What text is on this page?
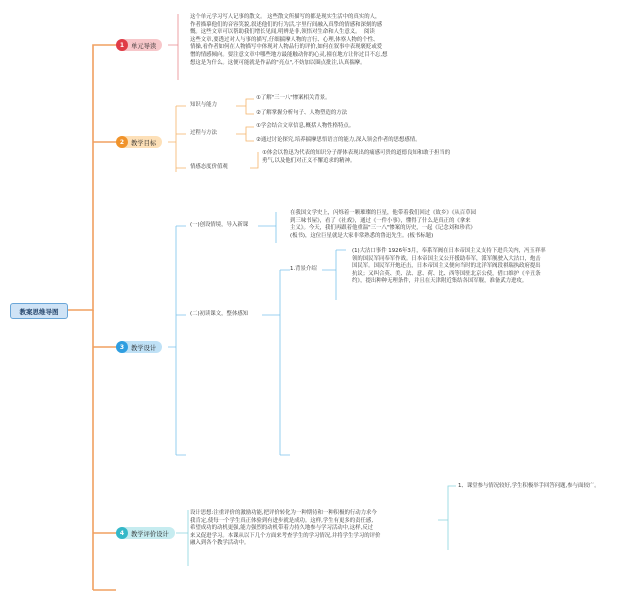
教案思维导图
1	单元导读
这个单元学习写人记事的散文。 这些散文所描写的都是现实生活中的真实的人，
作者描摹他们的音容笑貌,叙述他们的行为活,字里行间融入真挚的情感和深刻的感
慨。这些文章可以帮助我们增长见闻,明辨是非,领悟对生命和人生意义。  阅读
这些文章,要透过对人与事的描写,仔细揣摩人物的言行、心理,体察人物的个性、
情操,看作者如何在人物描写中体现对人物品行的评价,如何在叙事中表现褒贬或爱
憎的情感倾向。要注意文章中哪些地方最能触动你的心灵,撞在地方让你过目不忘,想
想这是为什么。这便可能就是作品的"亮点",不妨加以圈点批注,认真揣摩。
2	教学目标
知识与能力
①了解"三一八"惨案相关背景。
②了解掌握分析句子、人物塑造的方法
过程与方法
①学会结合文章信息,概括人物性格特点。
②通过讨论探究,培养揣摩思悟语言的能力,深入领会作者的思想感情。
情感态度价值观
①体会以鲁迅为代表的知识分子群体表现出的痛感可贵的道德良知和敢于担当的
勇气,以及他们对正义不懈追求的精神。
3	教学设计
(一)创设情境，导入新课
在我国文学史上，闪烁着一颗璀璨的巨星，他带着我们回过《故乡》《从百草园
到三味书屋》，看了《社戏》，通过《一件小事》，懂得了什么是真正的《拿来
主义》。今天，我们再跟着他重温"三一八"惨案的历史，一起《记念刘和珍君》
(板书)，这位巨星就是大家非常熟悉的鲁迅先生。(板书标题)
(二)初读课文，整体感知
1.背景介绍
(1)大沽口事件 1926年3月，奉系军阀在日本帝国主义支持下进兵关内，冯玉祥率
领的国民军同奉军作战。日本帝国主义公开援助奉军，派军舰驶入大沽口，炮击
国民军。国民军开炮还击，日本帝国主义便向当时的北洋军阀段祺瑞执政府提出
抗议；又纠合英、美、法、意、荷、比、西等国驻北京公使，借口维护《辛丑条
约》，提出种种无理条件，并且在天津附近集结各国军舰，准备武力进攻。
4	教学评价设计
设计思想:注重评价的激励功能,把评价转化为一种期待和一种积极的行动力求今
我肯定,使每一个学生真正体验到有进步就是成功。这样,学生有更多的责任感,
希望成功的动机更强,能力强烈的动机带着力持久地参与学习活动中,这样,反过
来又促进学习。本课从以下几个方面来考查学生的学习情况,并将学生学习的评价
融入到各个教学活动中。
1、课堂参与情况较好,学生积极举手回答问题,参与面较广。
